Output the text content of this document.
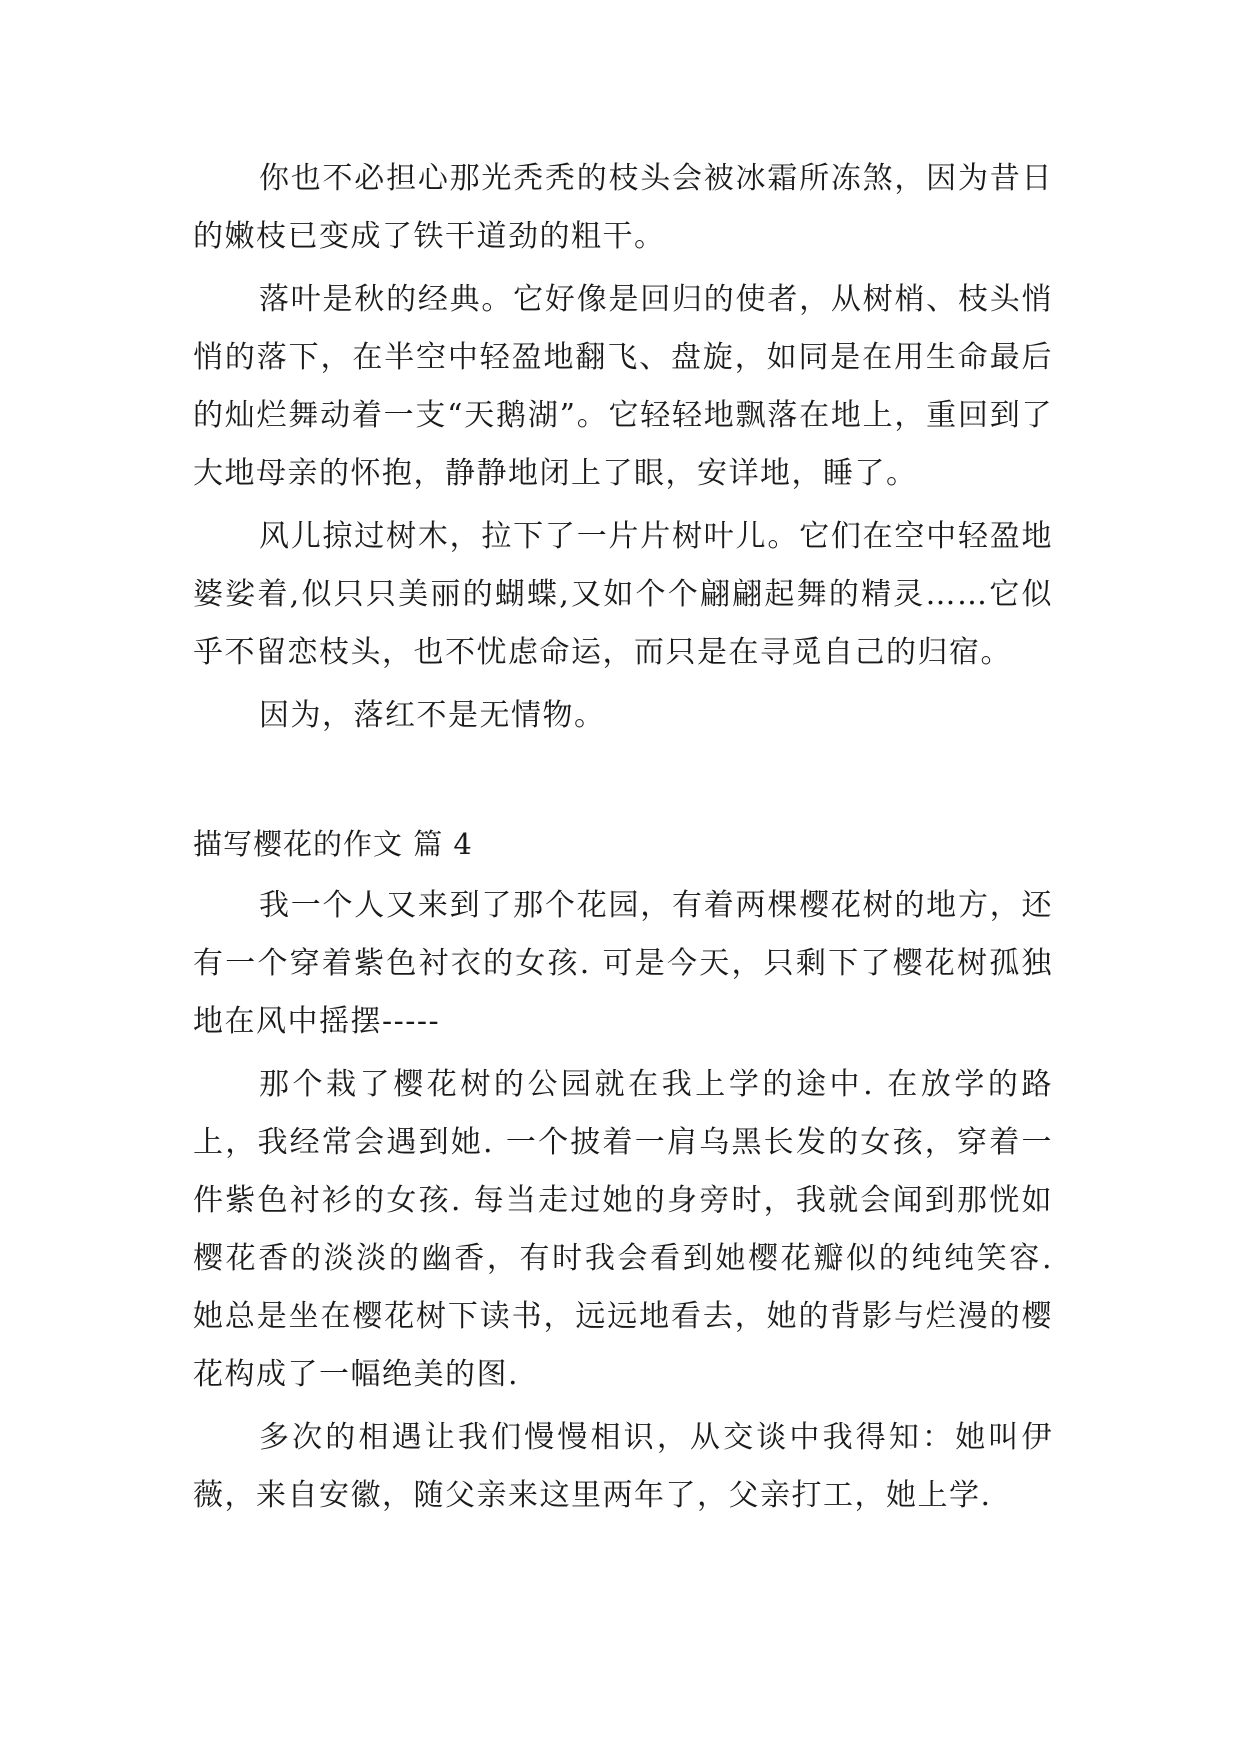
你也不必担心那光秃秃的枝头会被冰霜所冻煞，因为昔日的嫩枝已变成了铁干道劲的粗干。

落叶是秋的经典。它好像是回归的使者，从树梢、枝头悄悄的落下，在半空中轻盈地翻飞、盘旋，如同是在用生命最后的灿烂舞动着一支“天鹅湖”。它轻轻地飘落在地上，重回到了大地母亲的怀抱，静静地闭上了眼，安详地，睡了。

风儿掠过树木，拉下了一片片树叶儿。它们在空中轻盈地婆娑着,似只只美丽的蝴蝶,又如个个翩翩起舞的精灵……它似乎不留恋枝头，也不忧虑命运，而只是在寻觅自己的归宿。

因为，落红不是无情物。

描写樱花的作文 篇 4

我一个人又来到了那个花园，有着两棵樱花树的地方，还有一个穿着紫色衬衣的女孩. 可是今天，只剩下了樱花树孤独地在风中摇摆-----

那个栽了樱花树的公园就在我上学的途中. 在放学的路上，我经常会遇到她. 一个披着一肩乌黑长发的女孩，穿着一件紫色衬衫的女孩. 每当走过她的身旁时，我就会闻到那恍如樱花香的淡淡的幽香，有时我会看到她樱花瓣似的纯纯笑容. 她总是坐在樱花树下读书，远远地看去，她的背影与烂漫的樱花构成了一幅绝美的图.

多次的相遇让我们慢慢相识，从交谈中我得知：她叫伊薇，来自安徽，随父亲来这里两年了，父亲打工，她上学.
